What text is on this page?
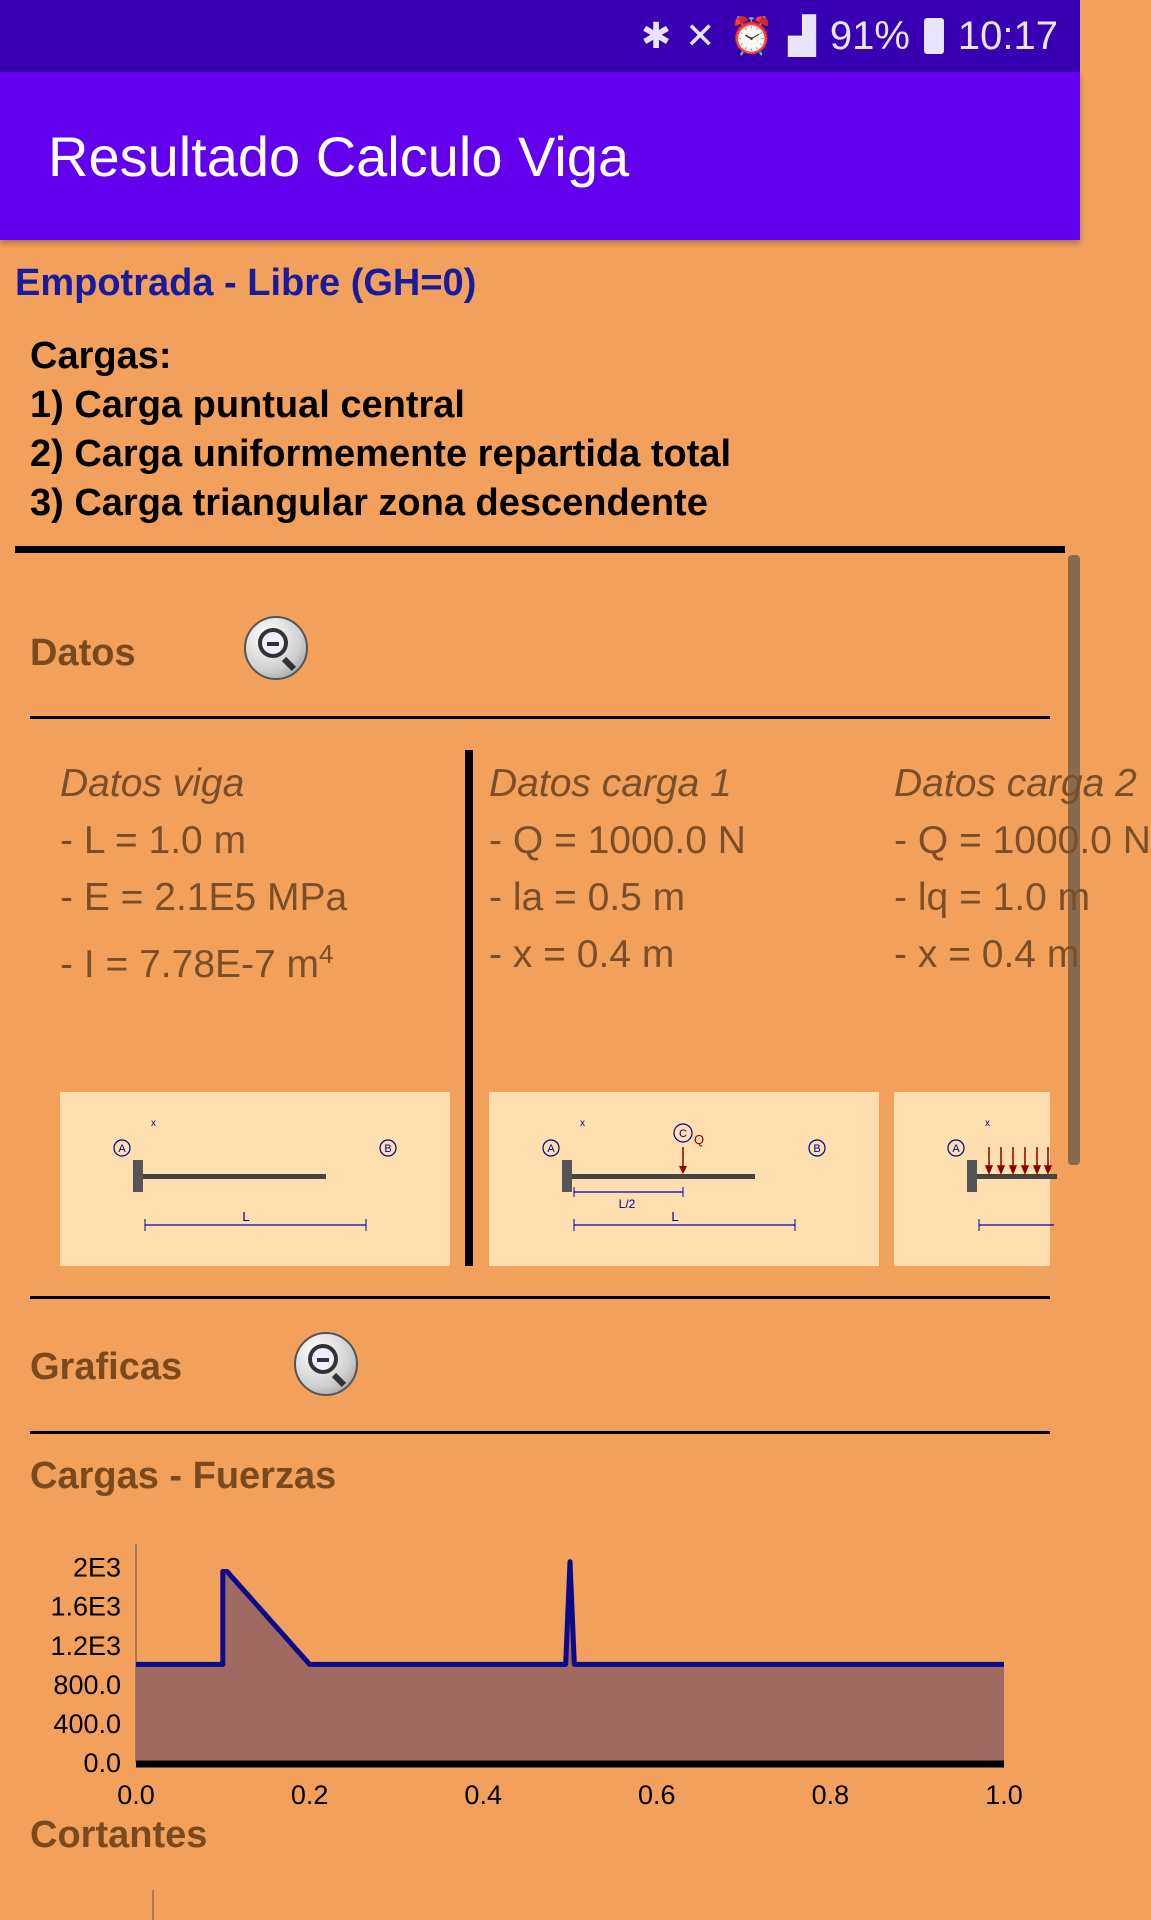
✱ ✕ ⏰ ▟ 91% 10:17
Resultado Calculo Viga
Empotrada - Libre (GH=0)
Cargas:
1) Carga puntual central
2) Carga uniformemente repartida total
3) Carga triangular zona descendente
Datos
Datos viga
- L = 1.0 m
- E = 2.1E5 MPa
- I = 7.78E-7 $m^4$
Datos carga 1
- Q = 1000.0 N
- la = 0.5 m
- x = 0.4 m
Datos carga 2
- Q = 1000.0 N
- lq = 1.0 m
- x = 0.4 m
A	B
x
L
A	B
C Q
x
L/2
L
A
x
Graficas
Cargas - Fuerzas
0.0
400.0
800.0
1.2E3
1.6E3
2E3
0.0	0.2	0.4	0.6	0.8	1.0
Cortantes
